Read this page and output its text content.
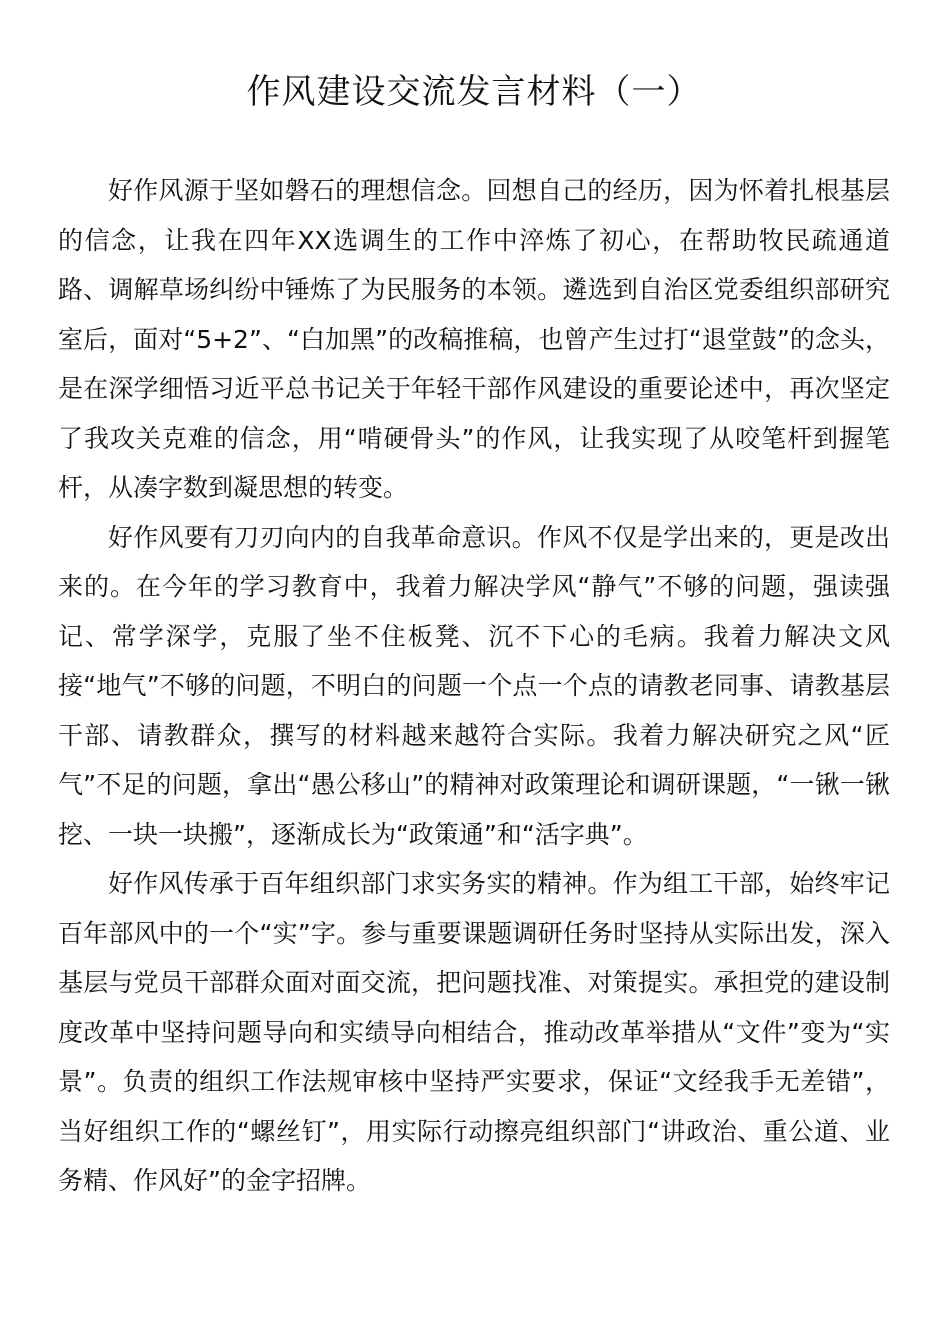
作风建设交流发言材料（一）

好作风源于坚如磐石的理想信念。回想自己的经历，因为怀着扎根基层的信念，让我在四年XX选调生的工作中淬炼了初心，在帮助牧民疏通道路、调解草场纠纷中锤炼了为民服务的本领。遴选到自治区党委组织部研究室后，面对“5+2”、“白加黑”的改稿推稿，也曾产生过打“退堂鼓”的念头，是在深学细悟习近平总书记关于年轻干部作风建设的重要论述中，再次坚定了我攻关克难的信念，用“啃硬骨头”的作风，让我实现了从咬笔杆到握笔杆，从凑字数到凝思想的转变。

好作风要有刀刃向内的自我革命意识。作风不仅是学出来的，更是改出来的。在今年的学习教育中，我着力解决学风“静气”不够的问题，强读强记、常学深学，克服了坐不住板凳、沉不下心的毛病。我着力解决文风接“地气”不够的问题，不明白的问题一个点一个点的请教老同事、请教基层干部、请教群众，撰写的材料越来越符合实际。我着力解决研究之风“匠气”不足的问题，拿出“愚公移山”的精神对政策理论和调研课题，“一锹一锹挖、一块一块搬”，逐渐成长为“政策通”和“活字典”。

好作风传承于百年组织部门求实务实的精神。作为组工干部，始终牢记百年部风中的一个“实”字。参与重要课题调研任务时坚持从实际出发，深入基层与党员干部群众面对面交流，把问题找准、对策提实。承担党的建设制度改革中坚持问题导向和实绩导向相结合，推动改革举措从“文件”变为“实景”。负责的组织工作法规审核中坚持严实要求，保证“文经我手无差错”，当好组织工作的“螺丝钉”，用实际行动擦亮组织部门“讲政治、重公道、业务精、作风好”的金字招牌。
